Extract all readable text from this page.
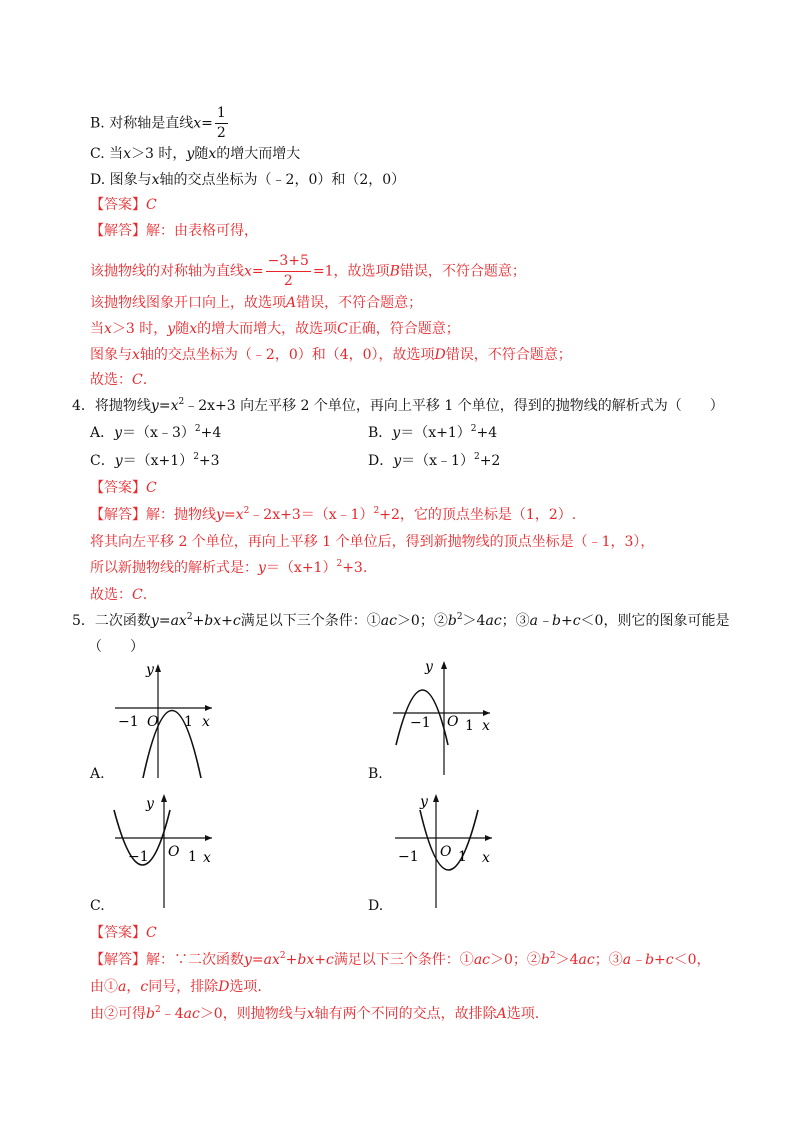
B. 对称轴是直线$x= \frac{1}{2}$
C. 当x＞3 时，y随x的增大而增大
D. 图象与x轴的交点坐标为（﹣2，0）和（2，0）
【答案】C
【解答】解：由表格可得，
该抛物线的对称轴为直线$x= \frac{-3+5}{2} =1$，故选项B错误，不符合题意；
该抛物线图象开口向上，故选项A错误，不符合题意；
当x＞3 时，y随x的增大而增大，故选项C正确，符合题意；
图象与x轴的交点坐标为（﹣2，0）和（4，0），故选项D错误，不符合题意；
故选：C.
4．将抛物线$y=x^2﹣2x+3$ 向左平移 2 个单位，再向上平移 1 个单位，得到的抛物线的解析式为（　　）
A．y＝（x﹣3）$^2$+4	B．$y=(x+1)^2+4$
C．$y=(x+1)^2+3$	D．y＝（x﹣1）$^2$+2
【答案】C
【解答】解：抛物线$y=x^2﹣2x+3=(x﹣1)^2+2$，它的顶点坐标是（1，2）.
将其向左平移 2 个单位，再向上平移 1 个单位后，得到新抛物线的顶点坐标是（﹣1，3），
所以新抛物线的解析式是：$y=(x+1)^2+3$.
故选：C.
5．二次函数$y=ax^2+bx+c$满足以下三个条件：①ac＞0；$②b^2>4ac$；③a﹣b+c＜0，则它的图象可能是
（　　）
y
x
O
−1	1
A.
y
x
O
−1 1
B.
y
x
O
−1	1
C.
y
x
O
−1	1
D.
【答案】C
【解答】解：∵二次函数$y=ax^2+bx+c$满足以下三个条件：①ac＞0；$②b^2>4ac$；③a﹣b+c＜0，
由①a，c同号，排除D选项.
由②可得$b^2﹣4ac>0$，则抛物线与x轴有两个不同的交点，故排除A选项.
